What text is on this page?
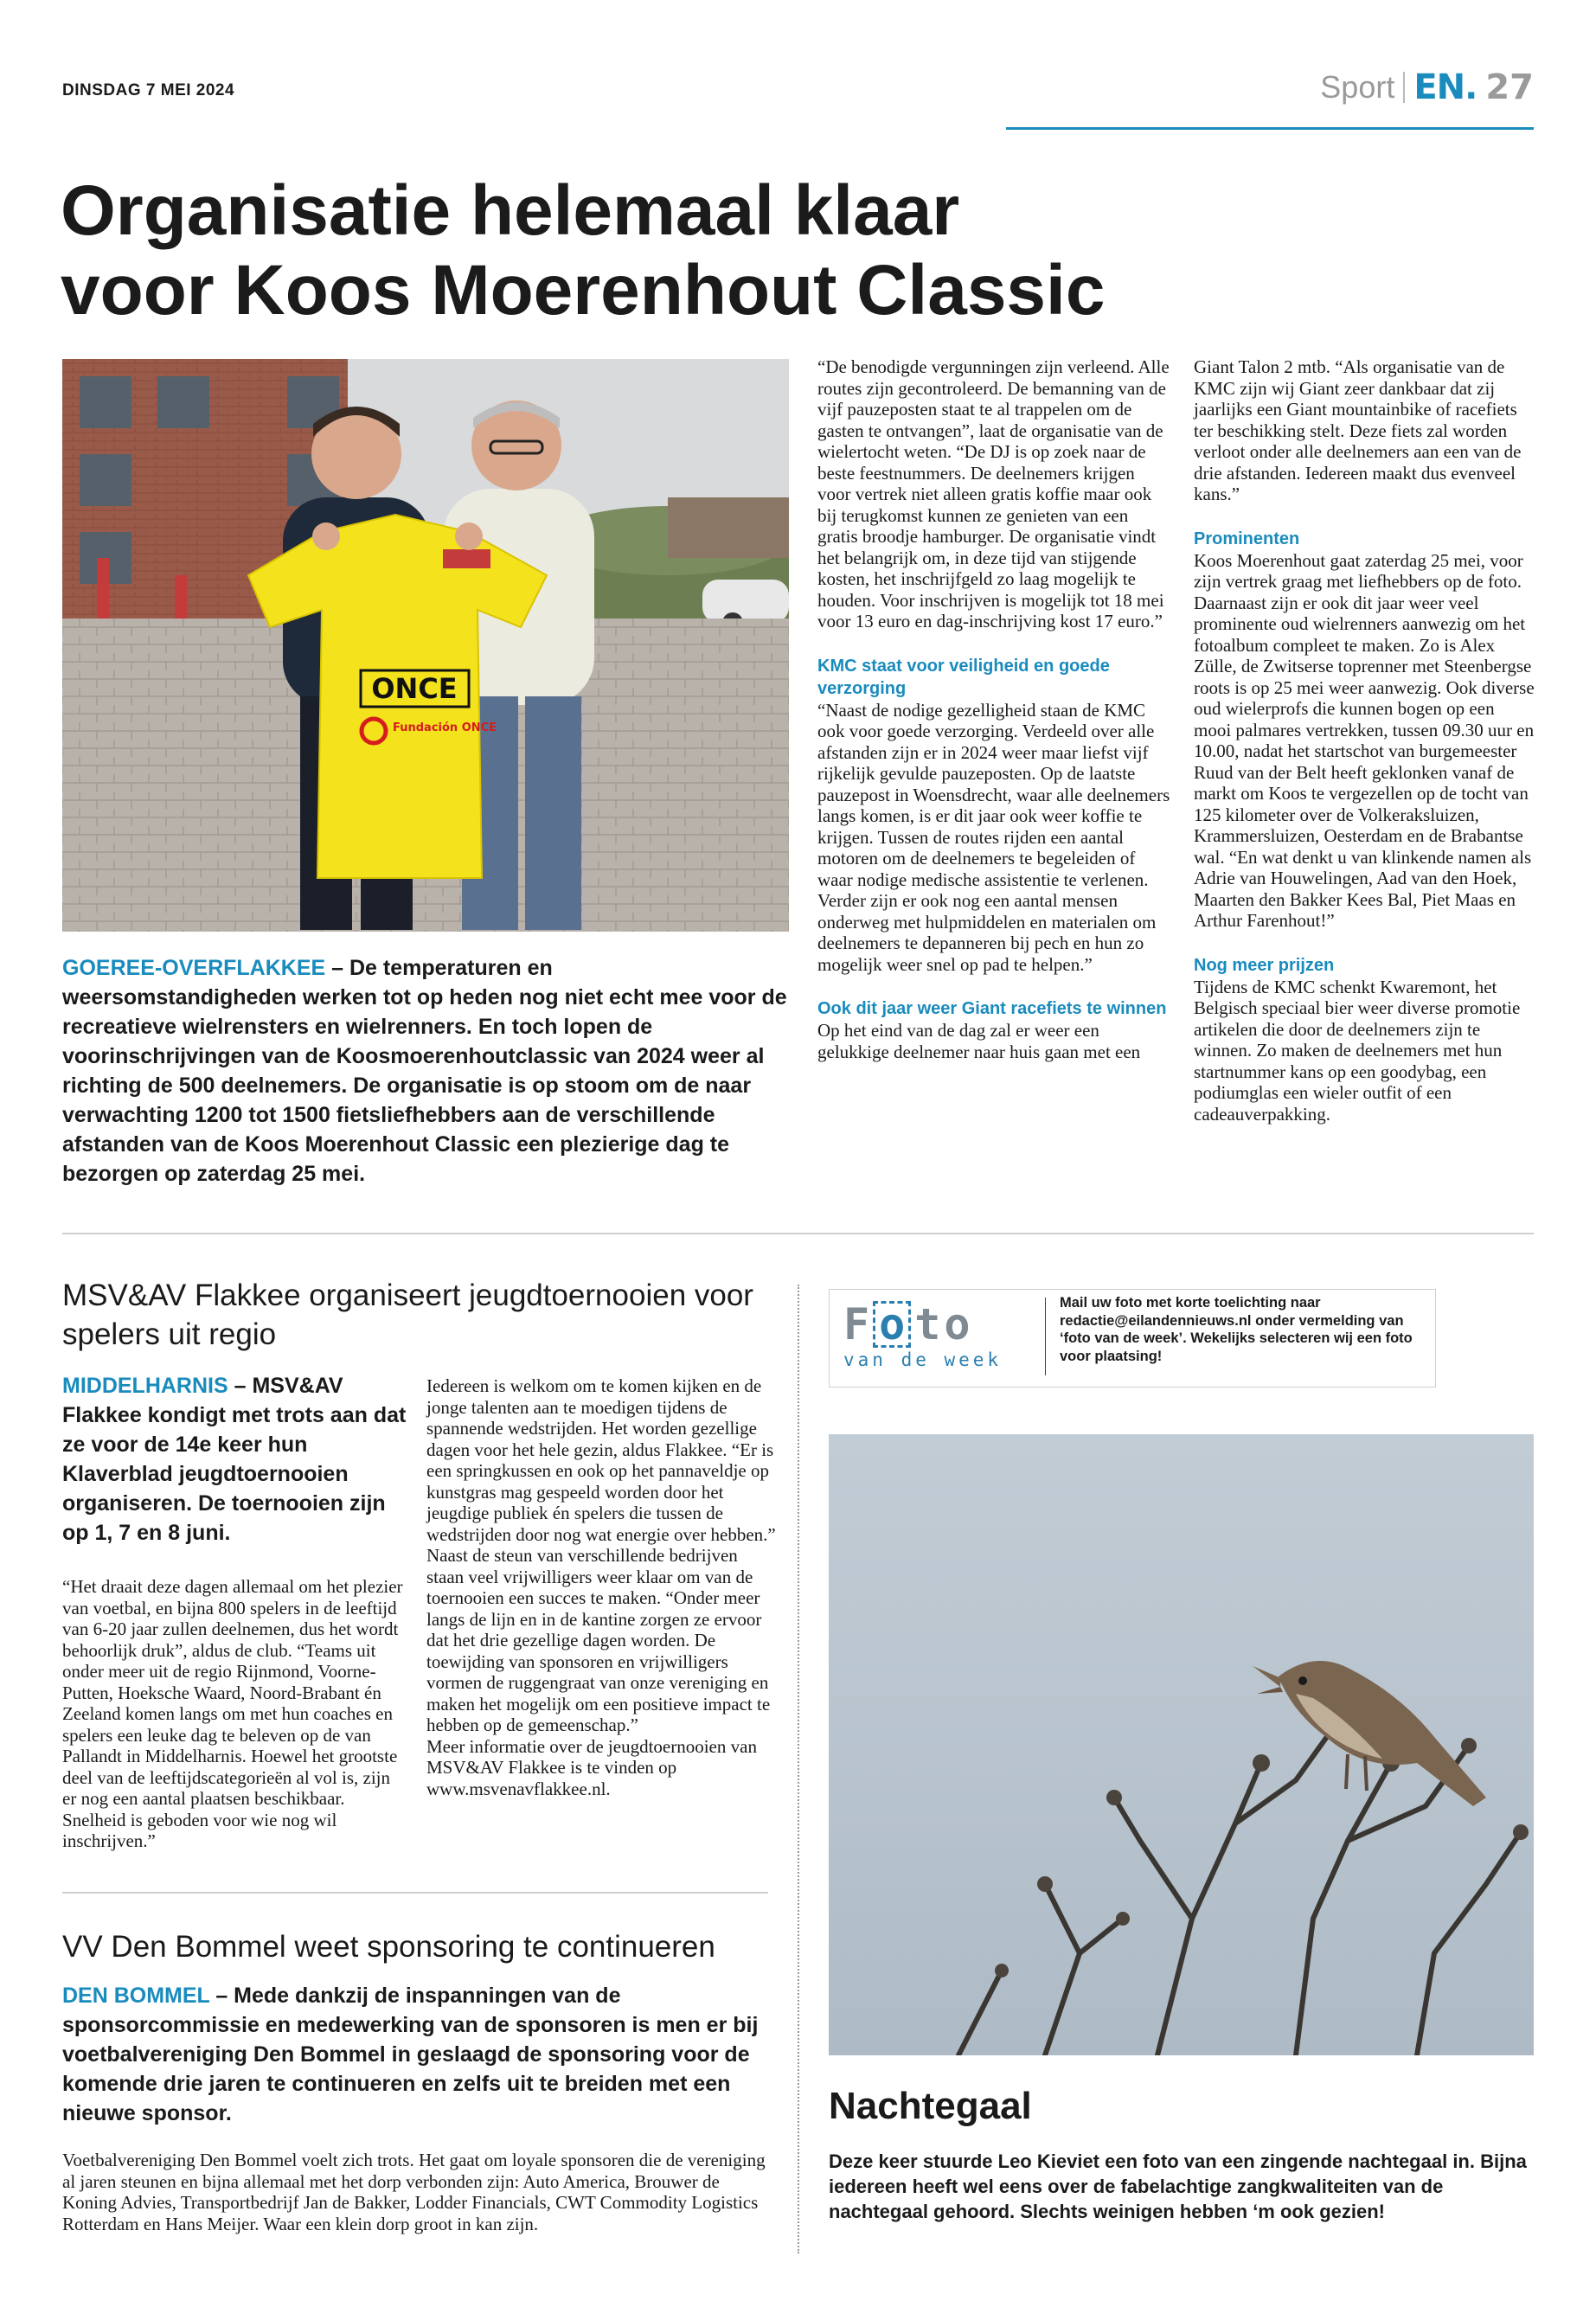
DINSDAG 7 MEI 2024	Sport EN. 27
Organisatie helemaal klaar
voor Koos Moerenhout Classic
ONCE
Fundación ONCE
GOEREE-OVERFLAKKEE – De temperaturen en weersomstandigheden werken tot op heden nog niet echt mee voor de recreatieve wielrensters en wielrenners. En toch lopen de voorinschrijvingen van de Koosmoerenhoutclassic van 2024 weer al richting de 500 deelnemers. De organisatie is op stoom om de naar verwachting 1200 tot 1500 fietsliefhebbers aan de verschillende afstanden van de Koos Moerenhout Classic een plezierige dag te bezorgen op zaterdag 25 mei.

“De benodigde vergunningen zijn verleend. Alle routes zijn gecontroleerd. De bemanning van de vijf pauzeposten staat te al trappelen om de gasten te ontvangen”, laat de organisatie van de wielertocht weten. “De DJ is op zoek naar de beste feestnummers. De deelnemers krijgen voor vertrek niet alleen gratis koffie maar ook bij terugkomst kunnen ze genieten van een gratis broodje hamburger. De organisatie vindt het belangrijk om, in deze tijd van stijgende kosten, het inschrijfgeld zo laag mogelijk te houden. Voor inschrijven is mogelijk tot 18 mei voor 13 euro en dag-inschrijving kost 17 euro.”

KMC staat voor veiligheid en goede verzorging

“Naast de nodige gezelligheid staan de KMC ook voor goede verzorging. Verdeeld over alle afstanden zijn er in 2024 weer maar liefst vijf rijkelijk gevulde pauzeposten. Op de laatste pauzepost in Woensdrecht, waar alle deelnemers langs komen, is er dit jaar ook weer koffie te krijgen. Tussen de routes rijden een aantal motoren om de deelnemers te begeleiden of waar nodige medische assistentie te verlenen. Verder zijn er ook nog een aantal mensen onderweg met hulpmiddelen en materialen om deelnemers te depanneren bij pech en hun zo mogelijk weer snel op pad te helpen.”

Ook dit jaar weer Giant racefiets te winnen

Op het eind van de dag zal er weer een gelukkige deelnemer naar huis gaan met een

Giant Talon 2 mtb. “Als organisatie van de KMC zijn wij Giant zeer dankbaar dat zij jaarlijks een Giant mountainbike of racefiets ter beschikking stelt. Deze fiets zal worden verloot onder alle deelnemers aan een van de drie afstanden. Iedereen maakt dus evenveel kans.”

Prominenten

Koos Moerenhout gaat zaterdag 25 mei, voor zijn vertrek graag met liefhebbers op de foto. Daarnaast zijn er ook dit jaar weer veel prominente oud wielrenners aanwezig om het fotoalbum compleet te maken. Zo is Alex Zülle, de Zwitserse toprenner met Steenbergse roots is op 25 mei weer aanwezig. Ook diverse oud wielerprofs die kunnen bogen op een mooi palmares vertrekken, tussen 09.30 uur en 10.00, nadat het startschot van burgemeester Ruud van der Belt heeft geklonken vanaf de markt om Koos te vergezellen op de tocht van 125 kilometer over de Volkeraksluizen, Krammersluizen, Oesterdam en de Brabantse wal. “En wat denkt u van klinkende namen als Adrie van Houwelingen, Aad van den Hoek, Maarten den Bakker Kees Bal, Piet Maas en Arthur Farenhout!”

Nog meer prijzen

Tijdens de KMC schenkt Kwaremont, het Belgisch speciaal bier weer diverse promotie artikelen die door de deelnemers zijn te winnen. Zo maken de deelnemers met hun startnummer kans op een goodybag, een podiumglas een wieler outfit of een cadeauverpakking.

MSV&AV Flakkee organiseert jeugdtoernooien voor spelers uit regio
MIDDELHARNIS – MSV&AV Flakkee kondigt met trots aan dat ze voor de 14e keer hun Klaverblad jeugdtoernooien organiseren. De toernooien zijn op 1, 7 en 8 juni.

“Het draait deze dagen allemaal om het plezier van voetbal, en bijna 800 spelers in de leeftijd van 6-20 jaar zullen deelnemen, dus het wordt behoorlijk druk”, aldus de club. “Teams uit onder meer uit de regio Rijnmond, Voorne-Putten, Hoeksche Waard, Noord-Brabant én Zeeland komen langs om met hun coaches en spelers een leuke dag te beleven op de van Pallandt in Middelharnis. Hoewel het grootste deel van de leeftijdscategorieën al vol is, zijn er nog een aantal plaatsen beschikbaar. Snelheid is geboden voor wie nog wil inschrijven.”

Iedereen is welkom om te komen kijken en de jonge talenten aan te moedigen tijdens de spannende wedstrijden. Het worden gezellige dagen voor het hele gezin, aldus Flakkee. “Er is een springkussen en ook op het pannaveldje op kunstgras mag gespeeld worden door het jeugdige publiek én spelers die tussen de wedstrijden door nog wat energie over hebben.”

Naast de steun van verschillende bedrijven staan veel vrijwilligers weer klaar om van de toernooien een succes te maken. “Onder meer langs de lijn en in de kantine zorgen ze ervoor dat het drie gezellige dagen worden. De toewijding van sponsoren en vrijwilligers vormen de ruggengraat van onze vereniging en maken het mogelijk om een positieve impact te hebben op de gemeenschap.”

Meer informatie over de jeugdtoernooien van MSV&AV Flakkee is te vinden op www.msvenavflakkee.nl.

VV Den Bommel weet sponsoring te continueren
DEN BOMMEL – Mede dankzij de inspanningen van de sponsorcommissie en medewerking van de sponsoren is men er bij voetbalvereniging Den Bommel in geslaagd de sponsoring voor de komende drie jaren te continueren en zelfs uit te breiden met een nieuwe sponsor.

Voetbalvereniging Den Bommel voelt zich trots. Het gaat om loyale sponsoren die de vereniging al jaren steunen en bijna allemaal met het dorp verbonden zijn: Auto America, Brouwer de Koning Advies, Transportbedrijf Jan de Bakker, Lodder Financials, CWT Commodity Logistics Rotterdam en Hans Meijer. Waar een klein dorp groot in kan zijn.

F o t o
van de week
Mail uw foto met korte toelichting naar redactie@eilandennieuws.nl onder vermelding van ‘foto van de week’. Wekelijks selecteren wij een foto voor plaatsing!
Nachtegaal
Deze keer stuurde Leo Kieviet een foto van een zingende nachtegaal in. Bijna iedereen heeft wel eens over de fabelachtige zangkwaliteiten van de nachtegaal gehoord. Slechts weinigen hebben ‘m ook gezien!
